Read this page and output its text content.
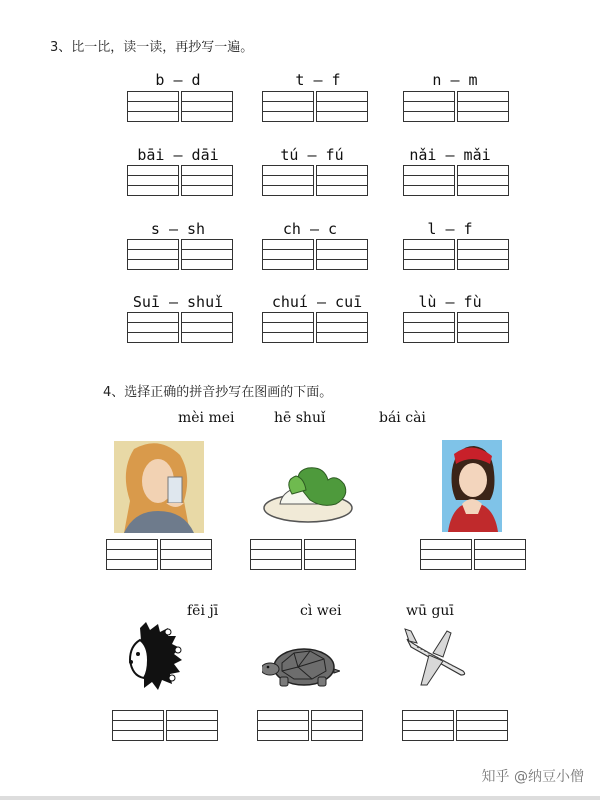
3、比一比，读一读，再抄写一遍。
b — d	t — f	n — m
bāi — dāi	tú — fú	nǎi — mǎi
s — sh	ch — c	l — f
Suī — shuǐ	chuí — cuī	lù — fù
4、选择正确的拼音抄写在图画的下面。
mèi mei	hē shuǐ	bái cài
fēi jī	cì wei	wū guī
知乎 @纳豆小僧
